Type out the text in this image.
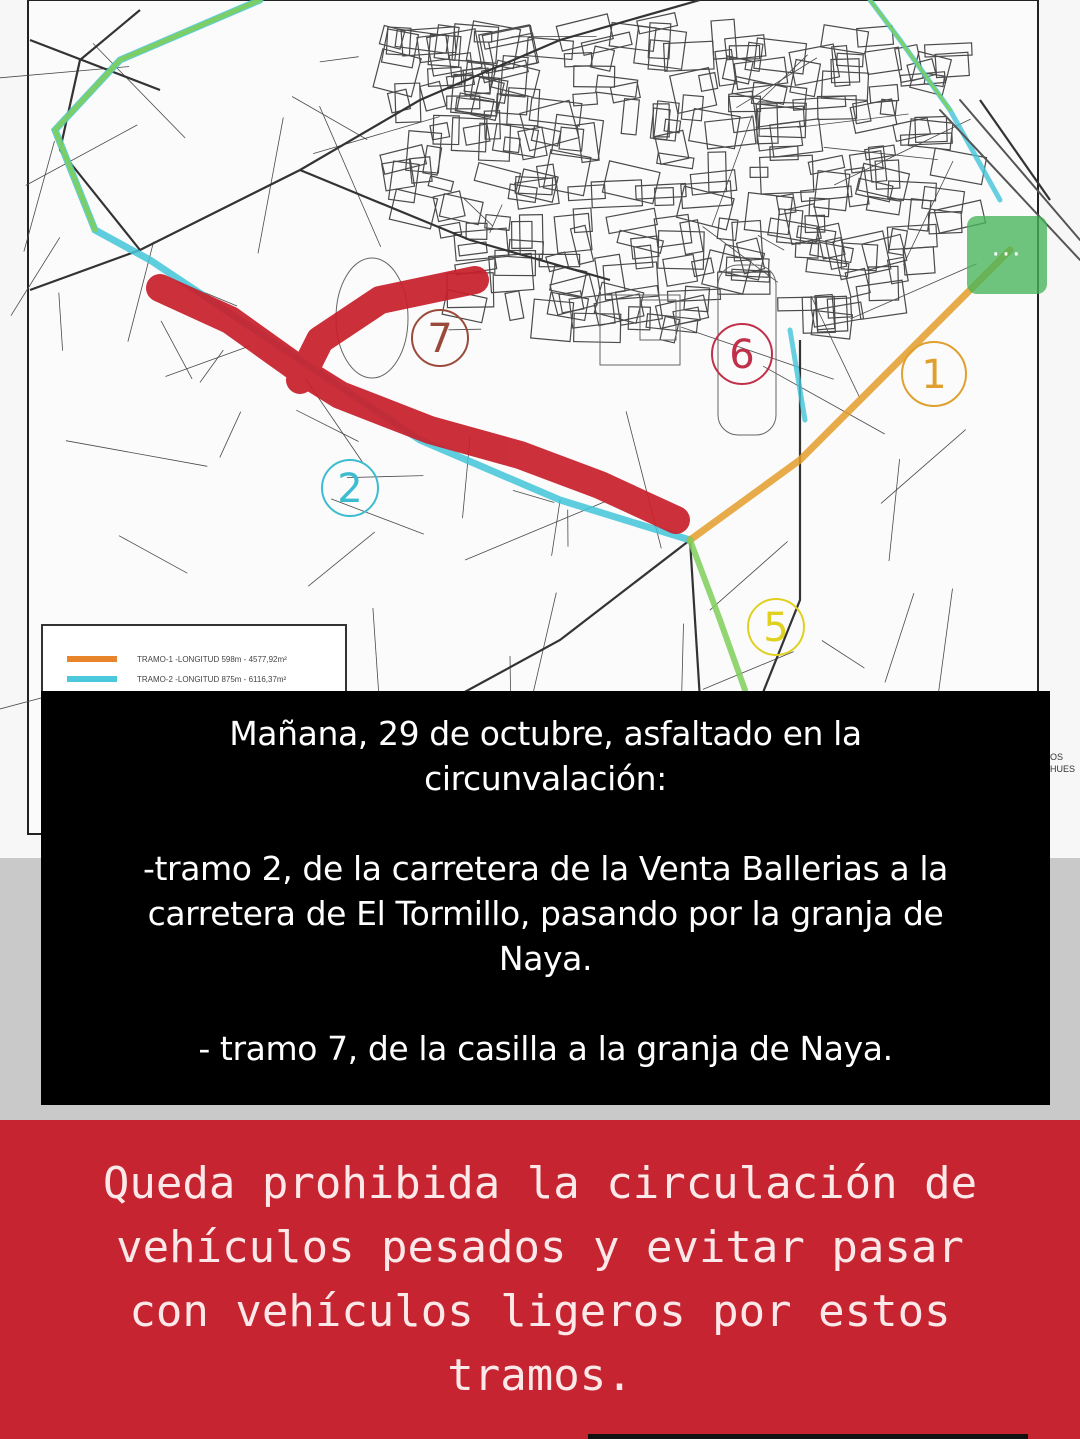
7	6	1
2
5
TRAMO-1 -LONGITUD 598m - 4577,92m²
TRAMO-2 -LONGITUD 875m - 6116,37m²
OS
HUES
···
Mañana, 29 de octubre, asfaltado en la
circunvalación:
-tramo 2, de la carretera de la Venta Ballerias a la
carretera de El Tormillo, pasando por la granja de
Naya.
- tramo 7, de la casilla a la granja de Naya.
Queda prohibida la circulación de
vehículos pesados y evitar pasar
con vehículos ligeros por estos
tramos.
